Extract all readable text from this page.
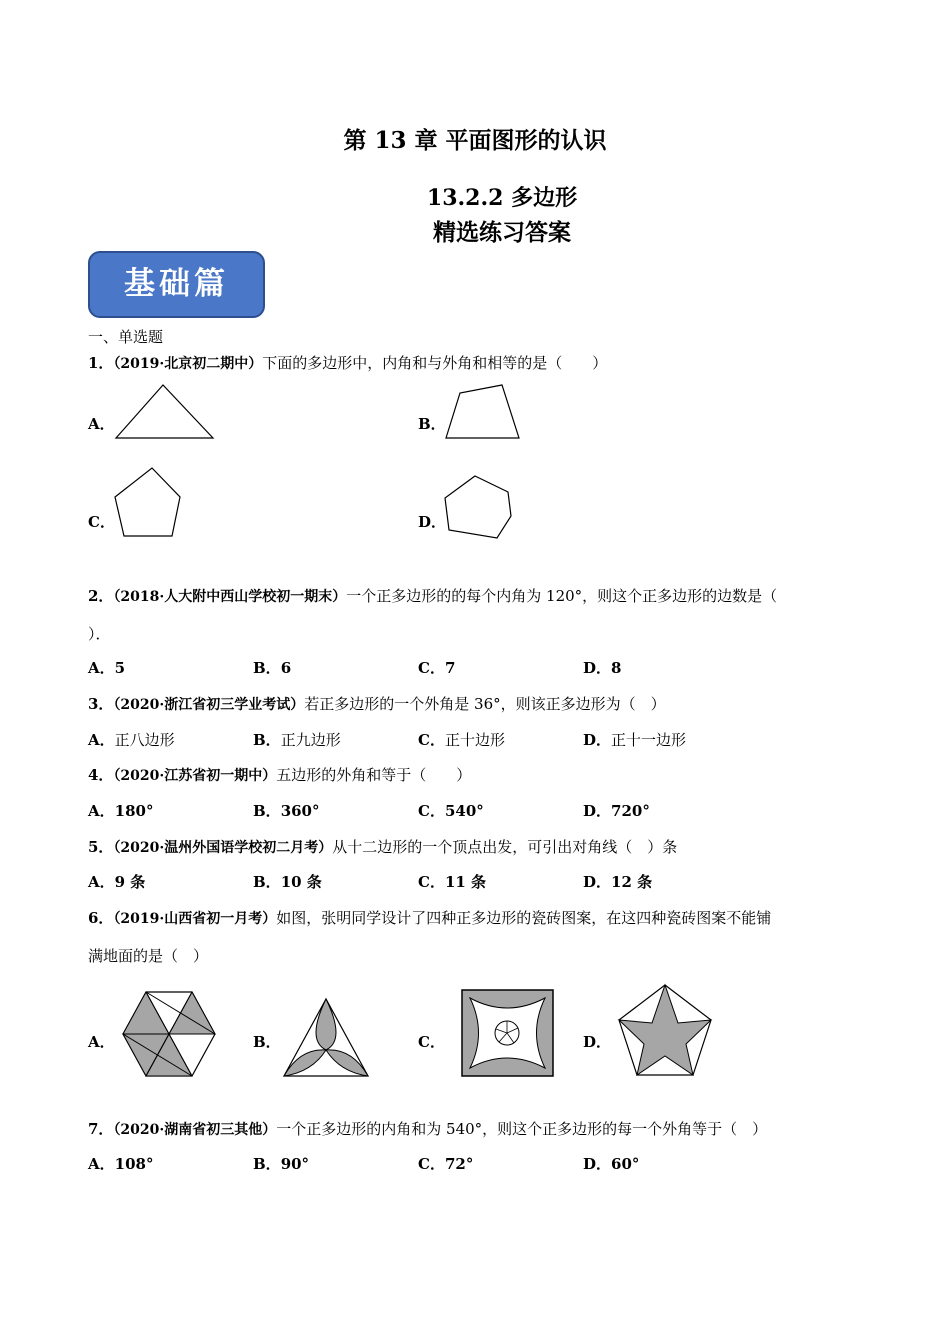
第 13 章 平面图形的认识
13.2.2 多边形
精选练习答案
基础篇
一、单选题
1．（2019·北京初二期中）下面的多边形中，内角和与外角和相等的是（　　）
A．	B．
C．	D．
2．（2018·人大附中西山学校初一期末）一个正多边形的的每个内角为 120°，则这个正多边形的边数是（
）．
A．5	B．6	C．7	D．8
3．（2020·浙江省初三学业考试）若正多边形的一个外角是 36°，则该正多边形为（　）
A．正八边形	B．正九边形	C．正十边形	D．正十一边形
4．（2020·江苏省初一期中）五边形的外角和等于（　　）
A．180°	B．360°	C．540°	D．720°
5．（2020·温州外国语学校初二月考）从十二边形的一个顶点出发，可引出对角线（　）条
A．9 条	B．10 条	C．11 条	D．12 条
6．（2019·山西省初一月考）如图，张明同学设计了四种正多边形的瓷砖图案，在这四种瓷砖图案不能铺
满地面的是（　）
A．	B．	C．	D．
7．（2020·湖南省初三其他）一个正多边形的内角和为 540°，则这个正多边形的每一个外角等于（　）
A．108°	B．90°	C．72°	D．60°
